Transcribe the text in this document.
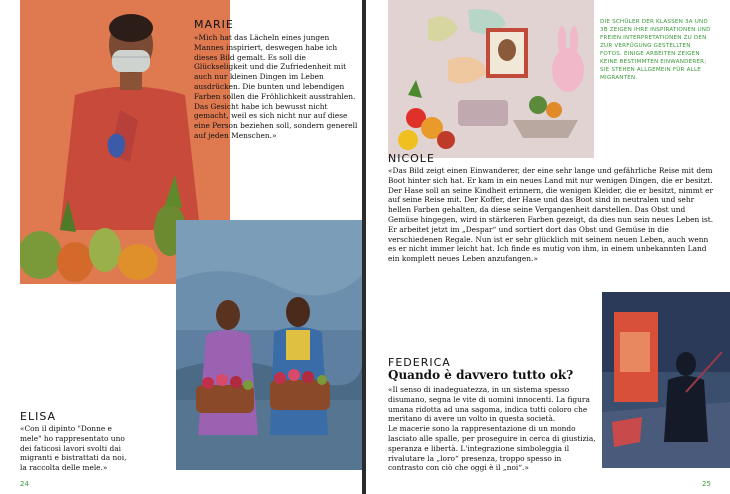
MARIE

«Mich hat das Lächeln eines jungen Mannes inspiriert, deswegen habe ich dieses Bild gemalt. Es soll die Glückseligkeit und die Zufriedenheit mit auch nur kleinen Dingen im Leben ausdrücken. Die bunten und lebendigen Farben sollen die Fröhlichkeit ausstrahlen. Das Gesicht habe ich bewusst nicht gemacht, weil es sich nicht nur auf diese eine Person beziehen soll, sondern generell auf jeden Menschen.»

ELISA

«Con il dipinto "Donne e mele" ho rappresentato uno dei faticosi lavori svolti dai migranti e bistrattati da noi, la raccolta delle mele.»

24
DIE SCHÜLER DER KLASSEN 3A UND 3B ZEIGEN IHRE INSPIRATIONEN UND FREIEN INTERPRETATIONEN ZU DEN ZUR VERFÜGUNG GESTELLTEN FOTOS. EINIGE ARBEITEN ZEIGEN KEINE BESTIMMTEN EINWANDERER; SIE STEHEN ALLGEMEIN FÜR ALLE MIGRANTEN.
NICOLE

«Das Bild zeigt einen Einwanderer, der eine sehr lange und gefährliche Reise mit dem Boot hinter sich hat. Er kam in ein neues Land mit nur wenigen Dingen, die er besitzt. Der Hase soll an seine Kindheit erinnern, die wenigen Kleider, die er besitzt, nimmt er auf seine Reise mit. Der Koffer, der Hase und das Boot sind in neutralen und sehr hellen Farben gehalten, da diese seine Vergangenheit darstellen. Das Obst und Gemüse hingegen, wird in stärkeren Farben gezeigt, da dies nun sein neues Leben ist. Er arbeitet jetzt im „Despar“ und sortiert dort das Obst und Gemüse in die verschiedenen Regale. Nun ist er sehr glücklich mit seinem neuen Leben, auch wenn es er nicht immer leicht hat. Ich finde es mutig von ihm, in einem unbekannten Land ein komplett neues Leben anzufangen.»

FEDERICA
Quando è davvero tutto ok?

«Il senso di inadeguatezza, in un sistema spesso disumano, segna le vite di uomini innocenti. La figura umana ridotta ad una sagoma, indica tutti coloro che meritano di avere un volto in questa società.

Le macerie sono la rappresentazione di un mondo lasciato alle spalle, per proseguire in cerca di giustizia, speranza e libertà. L'integrazione simboleggia il rivalutare la „loro“ presenza, troppo spesso in contrasto con ciò che oggi è il „noi“.»

25
